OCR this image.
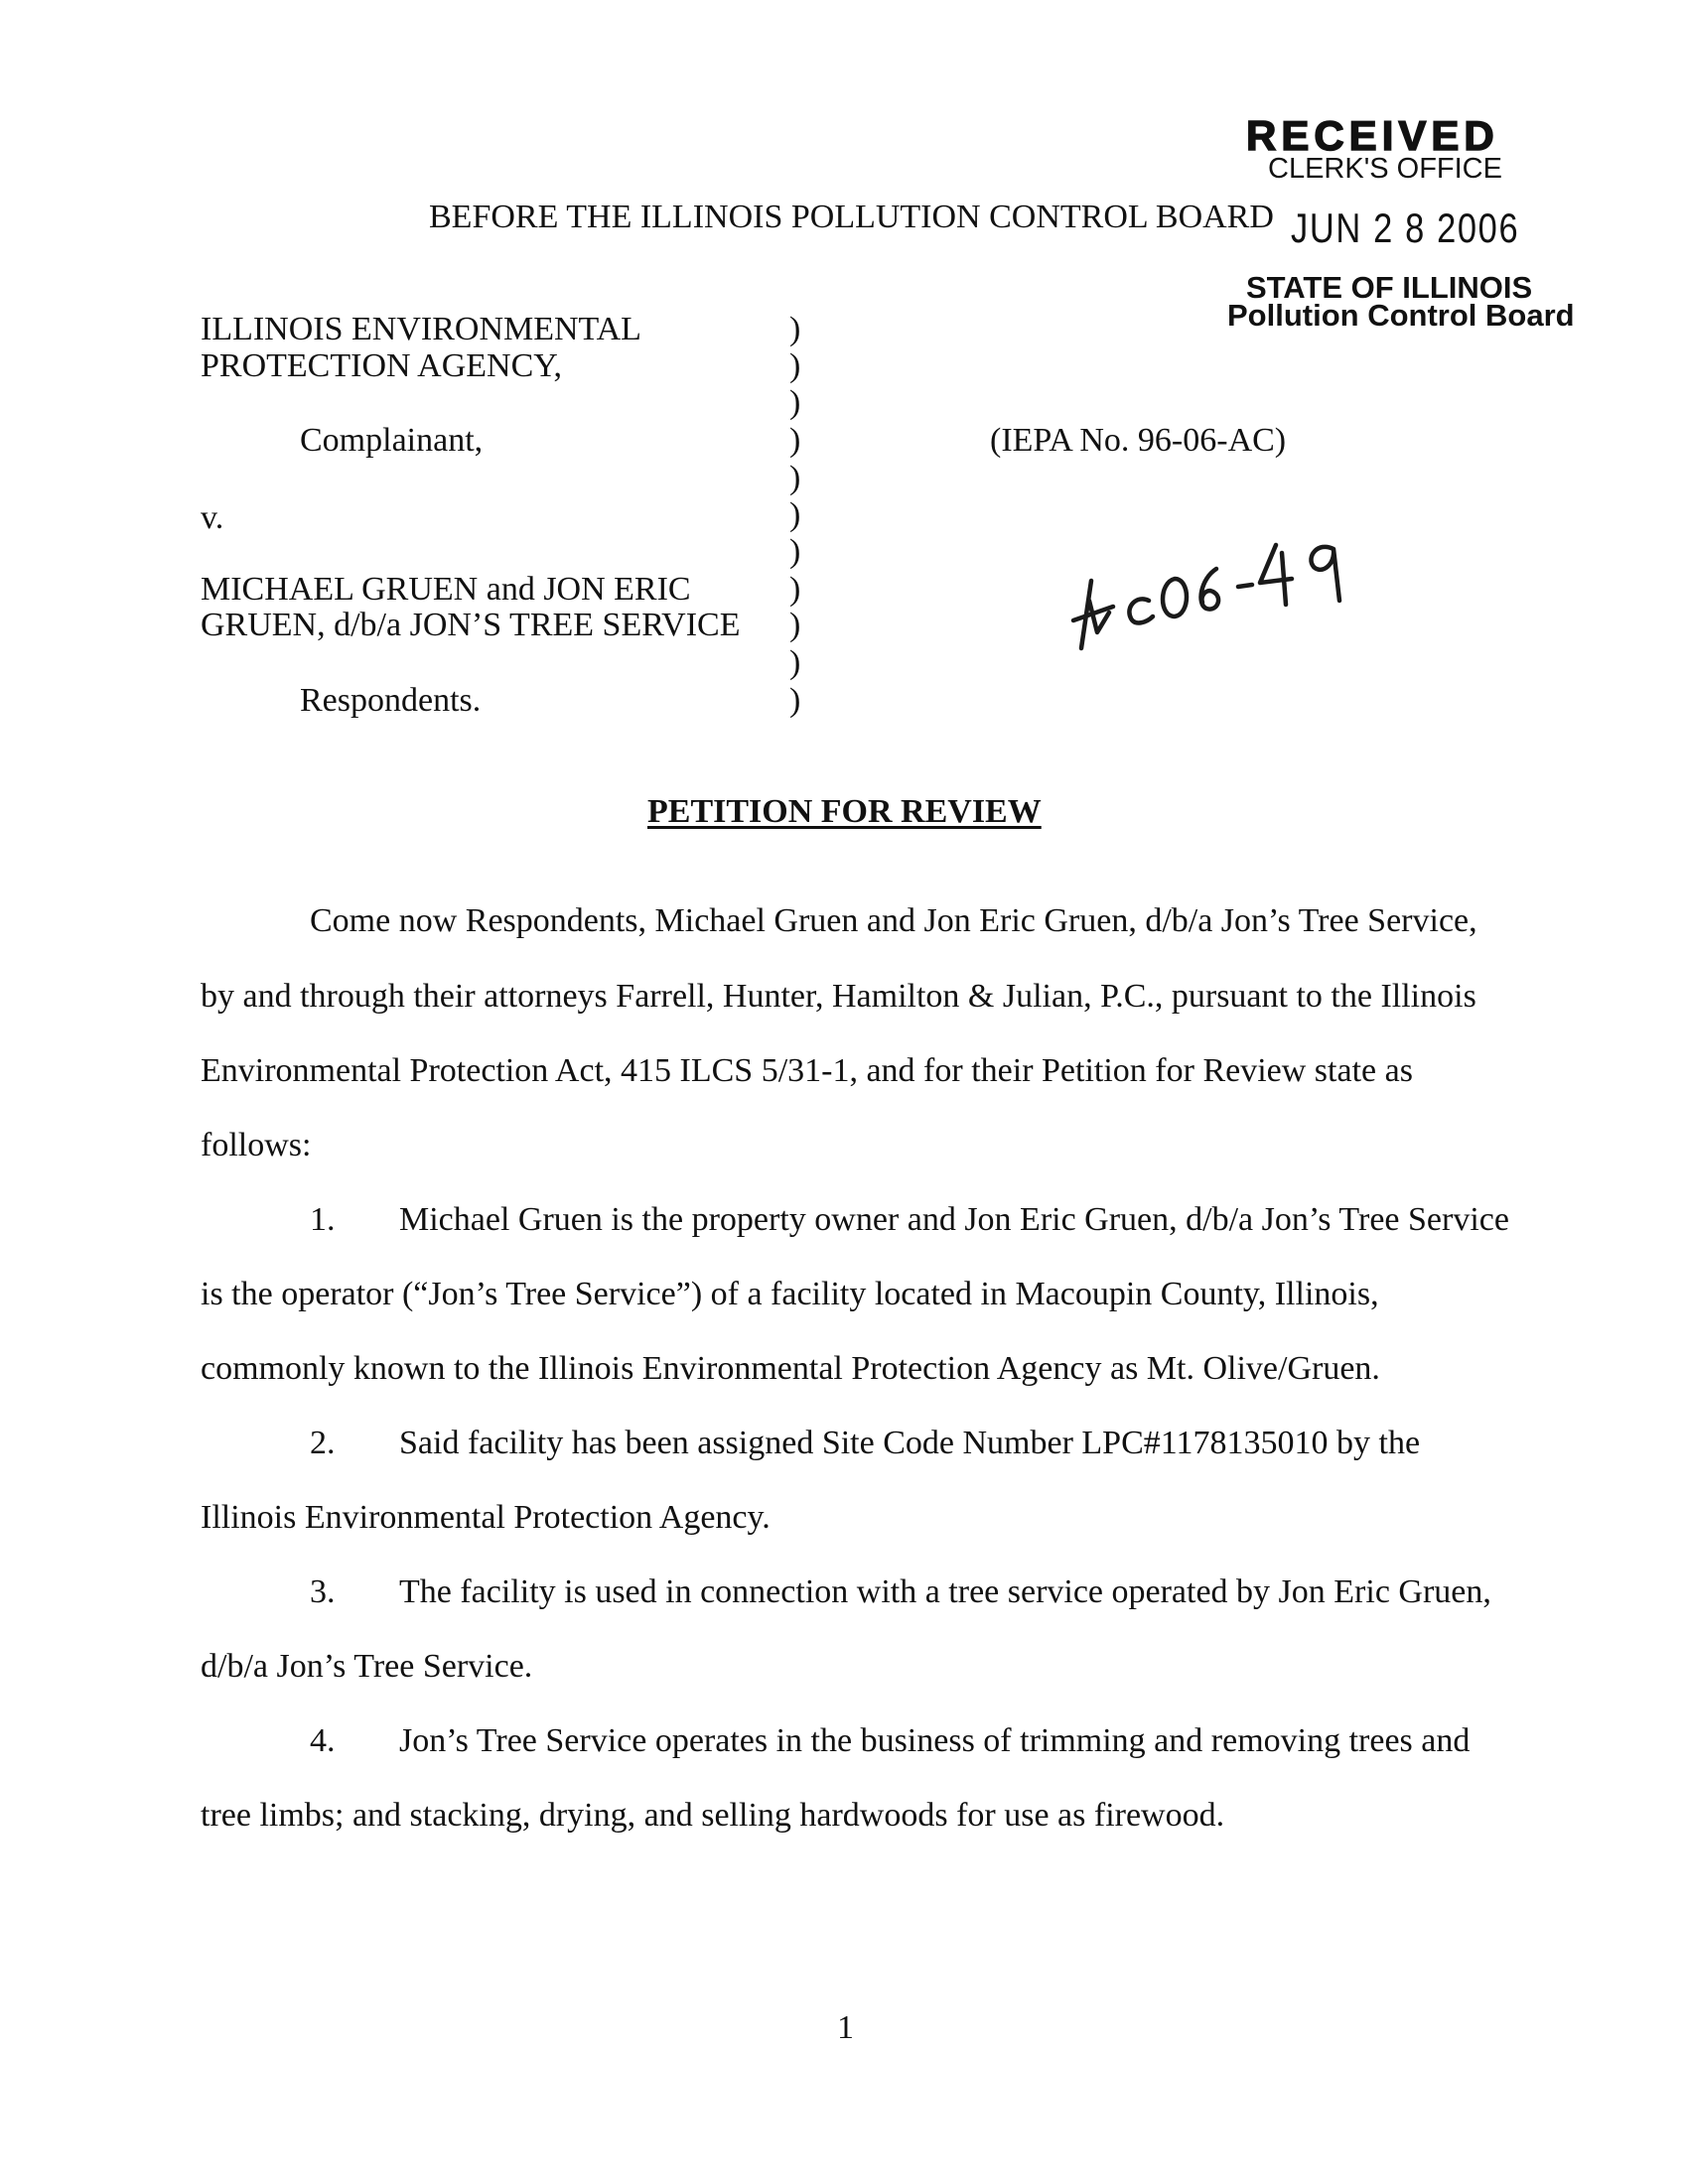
RECEIVED
CLERK'S OFFICE
JUN 2 8 2006
STATE OF ILLINOIS
Pollution Control Board
BEFORE THE ILLINOIS POLLUTION CONTROL BOARD
ILLINOIS ENVIRONMENTAL
PROTECTION AGENCY,
Complainant,
v.
MICHAEL GRUEN and JON ERIC
GRUEN, d/b/a JON’S TREE SERVICE
Respondents.
)
)
)
)
)
)
)
)
)
)
)
(IEPA No. 96-06-AC)
PETITION FOR REVIEW
Come now Respondents, Michael Gruen and Jon Eric Gruen, d/b/a Jon’s Tree Service,
by and through their attorneys Farrell, Hunter, Hamilton & Julian, P.C., pursuant to the Illinois
Environmental Protection Act, 415 ILCS 5/31-1, and for their Petition for Review state as
follows:
1. Michael Gruen is the property owner and Jon Eric Gruen, d/b/a Jon’s Tree Service
is the operator (“Jon’s Tree Service”) of a facility located in Macoupin County, Illinois,
commonly known to the Illinois Environmental Protection Agency as Mt. Olive/Gruen.
2. Said facility has been assigned Site Code Number LPC#1178135010 by the
Illinois Environmental Protection Agency.
3. The facility is used in connection with a tree service operated by Jon Eric Gruen,
d/b/a Jon’s Tree Service.
4. Jon’s Tree Service operates in the business of trimming and removing trees and
tree limbs; and stacking, drying, and selling hardwoods for use as firewood.
1
